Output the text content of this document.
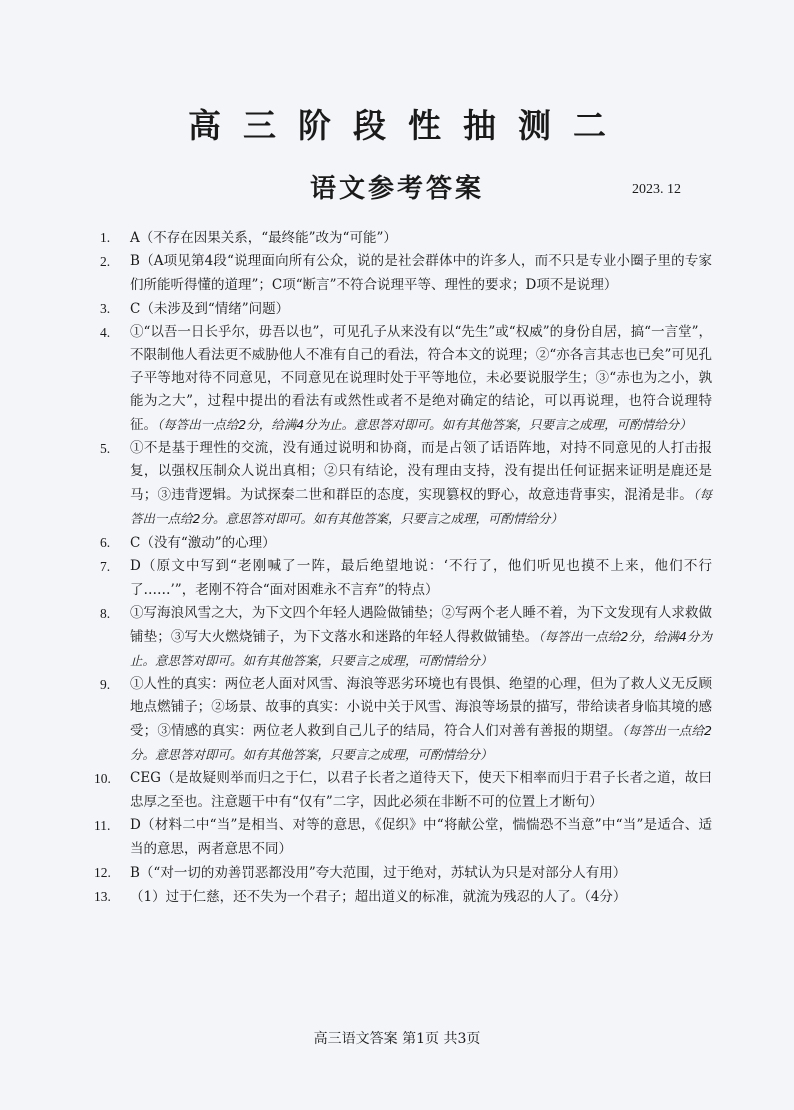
高三阶段性抽测二
语文参考答案	2023. 12
1. A（不存在因果关系，“最终能”改为“可能”）
2. B（A项见第4段“说理面向所有公众，说的是社会群体中的许多人，而不只是专业小圈子里的专家们所能听得懂的道理”；C项“断言”不符合说理平等、理性的要求；D项不是说理）
3. C（未涉及到“情绪”问题）
4. ①“以吾一日长乎尔，毋吾以也”，可见孔子从来没有以“先生”或“权威”的身份自居，搞“一言堂”，不限制他人看法更不威胁他人不准有自己的看法，符合本文的说理；②“亦各言其志也已矣”可见孔子平等地对待不同意见，不同意见在说理时处于平等地位，未必要说服学生；③“赤也为之小，孰能为之大”，过程中提出的看法有或然性或者不是绝对确定的结论，可以再说理，也符合说理特征。（每答出一点给2分，给满4分为止。意思答对即可。如有其他答案，只要言之成理，可酌情给分）
5. ①不是基于理性的交流，没有通过说明和协商，而是占领了话语阵地，对持不同意见的人打击报复，以强权压制众人说出真相；②只有结论，没有理由支持，没有提出任何证据来证明是鹿还是马；③违背逻辑。为试探秦二世和群臣的态度，实现篡权的野心，故意违背事实，混淆是非。（每答出一点给2分。意思答对即可。如有其他答案，只要言之成理，可酌情给分）
6. C（没有“激动”的心理）
7. D（原文中写到“老刚喊了一阵，最后绝望地说：‘不行了，他们听见也摸不上来，他们不行了……’”，老刚不符合“面对困难永不言弃”的特点）
8. ①写海浪风雪之大，为下文四个年轻人遇险做铺垫；②写两个老人睡不着，为下文发现有人求救做铺垫；③写大火燃烧铺子，为下文落水和迷路的年轻人得救做铺垫。（每答出一点给2分，给满4分为止。意思答对即可。如有其他答案，只要言之成理，可酌情给分）
9. ①人性的真实：两位老人面对风雪、海浪等恶劣环境也有畏惧、绝望的心理，但为了救人义无反顾地点燃铺子；②场景、故事的真实：小说中关于风雪、海浪等场景的描写，带给读者身临其境的感受；③情感的真实：两位老人救到自己儿子的结局，符合人们对善有善报的期望。（每答出一点给2分。意思答对即可。如有其他答案，只要言之成理，可酌情给分）
10. CEG（是故疑则举而归之于仁，以君子长者之道待天下，使天下相率而归于君子长者之道，故曰忠厚之至也。注意题干中有“仅有”二字，因此必须在非断不可的位置上才断句）
11. D（材料二中“当”是相当、对等的意思，《促织》中“将献公堂，惴惴恐不当意”中“当”是适合、适当的意思，两者意思不同）
12. B（“对一切的劝善罚恶都没用”夸大范围，过于绝对，苏轼认为只是对部分人有用）
13. （1）过于仁慈，还不失为一个君子；超出道义的标准，就流为残忍的人了。（4分）
高三语文答案 第1页 共3页
